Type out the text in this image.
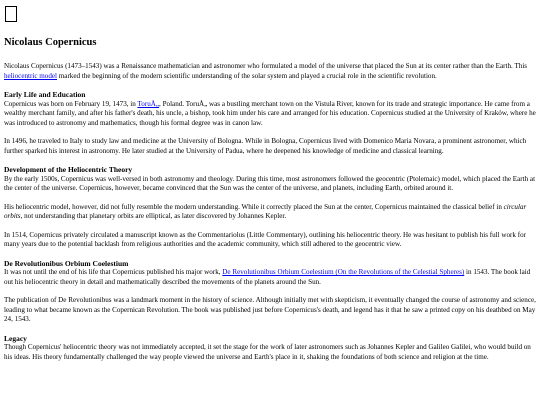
Nicolaus Copernicus

Nicolaus Copernicus (1473–1543) was a Renaissance mathematician and astronomer who formulated a model of the universe that placed the Sun at its center rather than the Earth. This heliocentric model marked the beginning of the modern scientific understanding of the solar system and played a crucial role in the scientific revolution.

Early Life and Education

Copernicus was born on February 19, 1473, in ToruÅ„, Poland. ToruÅ„ was a bustling merchant town on the Vistula River, known for its trade and strategic importance. He came from a wealthy merchant family, and after his father's death, his uncle, a bishop, took him under his care and arranged for his education. Copernicus studied at the University of Kraków, where he was introduced to astronomy and mathematics, though his formal degree was in canon law.

In 1496, he traveled to Italy to study law and medicine at the University of Bologna. While in Bologna, Copernicus lived with Domenico Maria Novara, a prominent astronomer, which further sparked his interest in astronomy. He later studied at the University of Padua, where he deepened his knowledge of medicine and classical learning.

Development of the Heliocentric Theory

By the early 1500s, Copernicus was well-versed in both astronomy and theology. During this time, most astronomers followed the geocentric (Ptolemaic) model, which placed the Earth at the center of the universe. Copernicus, however, became convinced that the Sun was the center of the universe, and planets, including Earth, orbited around it.

His heliocentric model, however, did not fully resemble the modern understanding. While it correctly placed the Sun at the center, Copernicus maintained the classical belief in circular orbits, not understanding that planetary orbits are elliptical, as later discovered by Johannes Kepler.

In 1514, Copernicus privately circulated a manuscript known as the Commentariolus (Little Commentary), outlining his heliocentric theory. He was hesitant to publish his full work for many years due to the potential backlash from religious authorities and the academic community, which still adhered to the geocentric view.

De Revolutionibus Orbium Coelestium

It was not until the end of his life that Copernicus published his major work, De Revolutionibus Orbium Coelestium (On the Revolutions of the Celestial Spheres) in 1543. The book laid out his heliocentric theory in detail and mathematically described the movements of the planets around the Sun.

The publication of De Revolutionibus was a landmark moment in the history of science. Although initially met with skepticism, it eventually changed the course of astronomy and science, leading to what became known as the Copernican Revolution. The book was published just before Copernicus's death, and legend has it that he saw a printed copy on his deathbed on May 24, 1543.

Legacy

Though Copernicus' heliocentric theory was not immediately accepted, it set the stage for the work of later astronomers such as Johannes Kepler and Galileo Galilei, who would build on his ideas. His theory fundamentally challenged the way people viewed the universe and Earth's place in it, shaking the foundations of both science and religion at the time.
